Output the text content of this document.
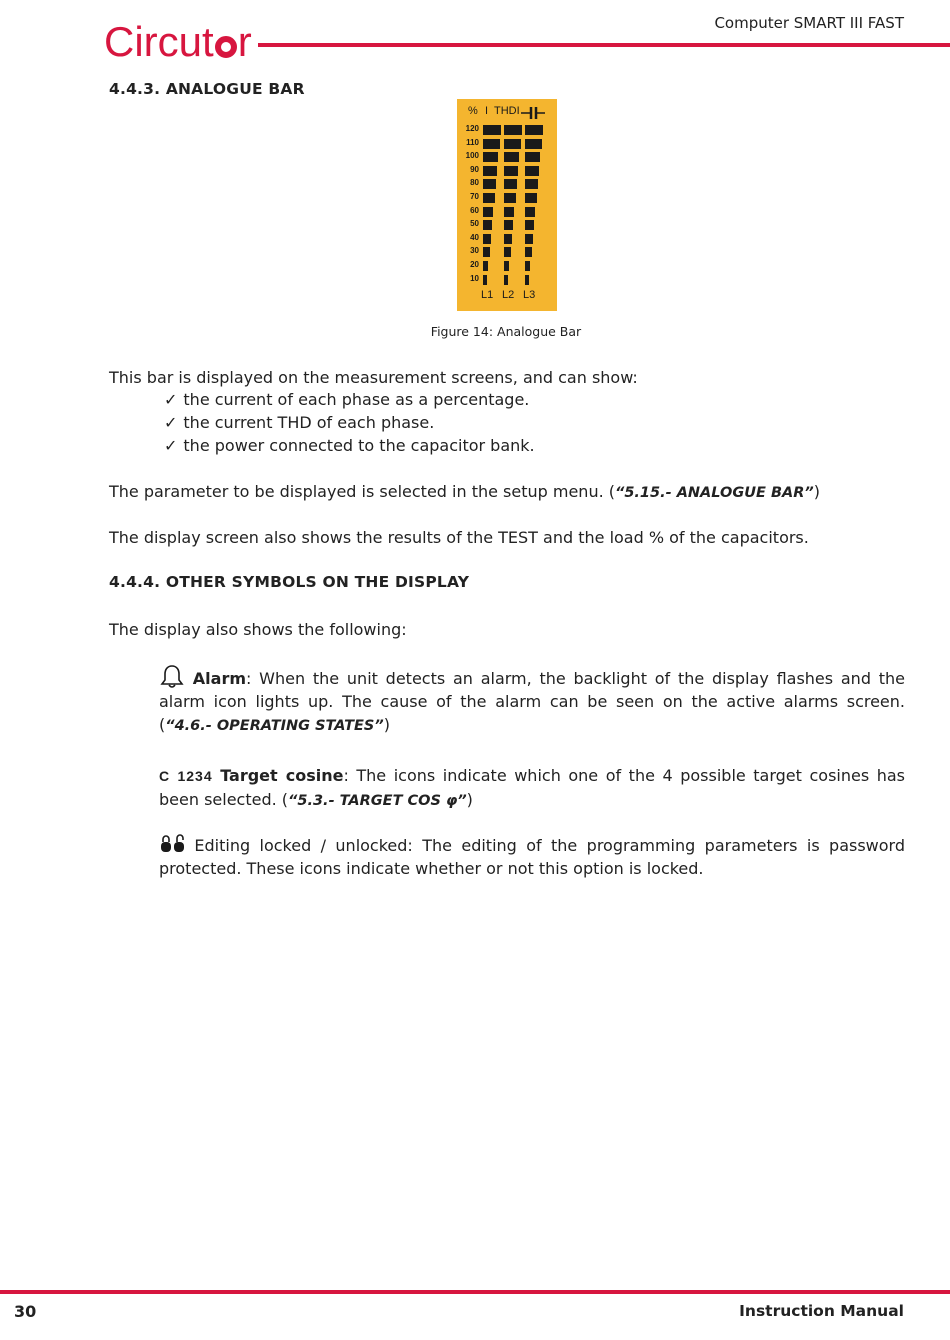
Circut r	Computer SMART III FAST
4.4.3. ANALOGUE BAR
% I THDI
120
110
100
90
80
70
60
50
40
30
20
10
L1 L2 L3
Figure 14: Analogue Bar
This bar is displayed on the measurement screens, and can show:
✓ the current of each phase as a percentage.
✓ the current THD of each phase.
✓ the power connected to the capacitor bank.
The parameter to be displayed is selected in the setup menu. (“5.15.- ANALOGUE BAR”)
The display screen also shows the results of the TEST and the load % of the capacitors.
4.4.4. OTHER SYMBOLS ON THE DISPLAY
The display also shows the following:
Alarm: When the unit detects an alarm, the backlight of the display flashes and the alarm icon lights up. The cause of the alarm can be seen on the active alarms screen. (“4.6.- OPERATING STATES”)
C 1234 Target cosine: The icons indicate which one of the 4 possible target cosines has been selected. (“5.3.- TARGET COS φ”)
Editing locked / unlocked: The editing of the programming parameters is password protected. These icons indicate whether or not this option is locked.
30	Instruction Manual
